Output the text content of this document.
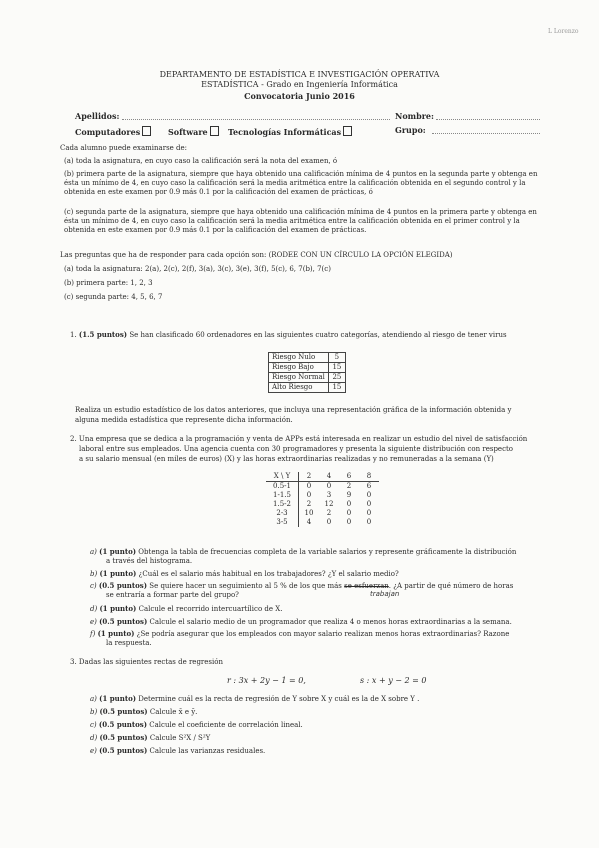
L Lorenzo
DEPARTAMENTO DE ESTADÍSTICA E INVESTIGACIÓN OPERATIVA
ESTADÍSTICA - Grado en Ingeniería Informática
Convocatoria Junio 2016
Apellidos:	Nombre:
Computadores	Software	Tecnologías Informáticas	Grupo:
Cada alumno puede examinarse de:
(a) toda la asignatura, en cuyo caso la calificación será la nota del examen, ó
(b) primera parte de la asignatura, siempre que haya obtenido una calificación mínima de 4 puntos en la segunda parte y obtenga en ésta un mínimo de 4, en cuyo caso la calificación será la media aritmética entre la calificación obtenida en el segundo control y la obtenida en este examen por 0.9 más 0.1 por la calificación del examen de prácticas, ó
(c) segunda parte de la asignatura, siempre que haya obtenido una calificación mínima de 4 puntos en la primera parte y obtenga en ésta un mínimo de 4, en cuyo caso la calificación será la media aritmética entre la calificación obtenida en el primer control y la obtenida en este examen por 0.9 más 0.1 por la calificación del examen de prácticas.
Las preguntas que ha de responder para cada opción son: (RODEE CON UN CÍRCULO LA OPCIÓN ELEGIDA)
(a) toda la asignatura: 2(a), 2(c), 2(f), 3(a), 3(c), 3(e), 3(f), 5(c), 6, 7(b), 7(c)
(b) primera parte: 1, 2, 3
(c) segunda parte: 4, 5, 6, 7
1. (1.5 puntos) Se han clasificado 60 ordenadores en las siguientes cuatro categorías, atendiendo al riesgo de tener virus
Riesgo Nulo	5
Riesgo Bajo	15
Riesgo Normal	25
Alto Riesgo	15
Realiza un estudio estadístico de los datos anteriores, que incluya una representación gráfica de la información obtenida y
alguna medida estadística que represente dicha información.
2. Una empresa que se dedica a la programación y venta de APPs está interesada en realizar un estudio del nivel de satisfacción
laboral entre sus empleados. Una agencia cuenta con 30 programadores y presenta la siguiente distribución con respecto
a su salario mensual (en miles de euros) (X) y las horas extraordinarias realizadas y no remuneradas a la semana (Y)
X \ Y	2	4	6	8
0.5-1	0	0	2	6
1-1.5	0	3	9	0
1.5-2	2	12	0	0
2-3	10	2	0	0
3-5	4	0	0	0
a) (1 punto) Obtenga la tabla de frecuencias completa de la variable salarios y represente gráficamente la distribución
a través del histograma.
b) (1 punto) ¿Cuál es el salario más habitual en los trabajadores? ¿Y el salario medio?
c) (0.5 puntos) Se quiere hacer un seguimiento al 5 % de los que más se esfuerzan. ¿A partir de qué número de horas
trabajan
se entraría a formar parte del grupo?
d) (1 punto) Calcule el recorrido intercuartílico de X.
e) (0.5 puntos) Calcule el salario medio de un programador que realiza 4 o menos horas extraordinarias a la semana.
f) (1 punto) ¿Se podría asegurar que los empleados con mayor salario realizan menos horas extraordinarias? Razone
la respuesta.
3. Dadas las siguientes rectas de regresión
r : 3x + 2y − 1 = 0,	s : x + y − 2 = 0
a) (1 punto) Determine cuál es la recta de regresión de Y sobre X y cuál es la de X sobre Y .
b) (0.5 puntos) Calcule x̄ e ȳ.
c) (0.5 puntos) Calcule el coeficiente de correlación lineal.
d) (0.5 puntos) Calcule S²X / S²Y
e) (0.5 puntos) Calcule las varianzas residuales.
